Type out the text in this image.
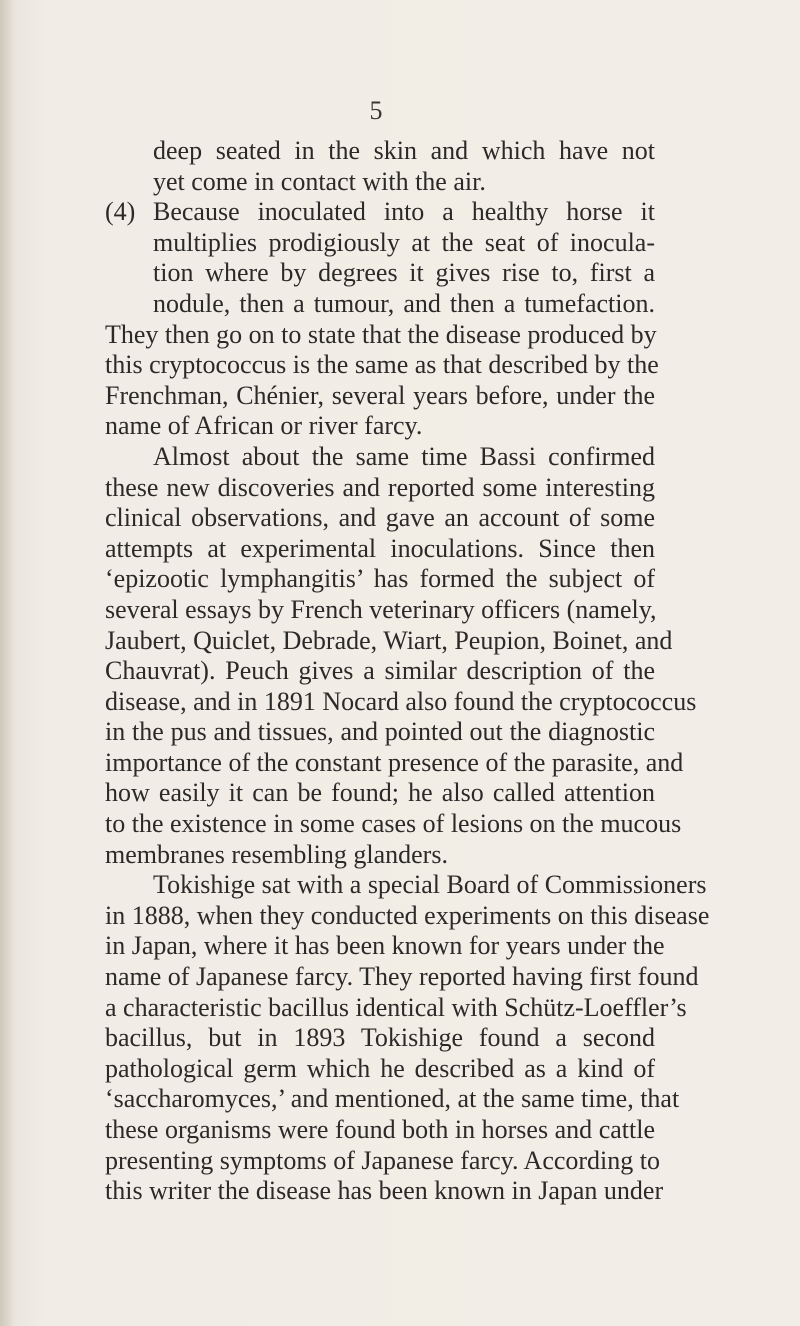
5
deep seated in the skin and which have not
yet come in contact with the air.
(4) Because inoculated into a healthy horse it
multiplies prodigiously at the seat of inocula-
tion where by degrees it gives rise to, first a
nodule, then a tumour, and then a tumefaction.
They then go on to state that the disease produced by
this cryptococcus is the same as that described by the
Frenchman, Chénier, several years before, under the
name of African or river farcy.
Almost about the same time Bassi confirmed
these new discoveries and reported some interesting
clinical observations, and gave an account of some
attempts at experimental inoculations. Since then
‘epizootic lymphangitis’ has formed the subject of
several essays by French veterinary officers (namely,
Jaubert, Quiclet, Debrade, Wiart, Peupion, Boinet, and
Chauvrat). Peuch gives a similar description of the
disease, and in 1891 Nocard also found the cryptococcus
in the pus and tissues, and pointed out the diagnostic
importance of the constant presence of the parasite, and
how easily it can be found; he also called attention
to the existence in some cases of lesions on the mucous
membranes resembling glanders.
Tokishige sat with a special Board of Commissioners
in 1888, when they conducted experiments on this disease
in Japan, where it has been known for years under the
name of Japanese farcy. They reported having first found
a characteristic bacillus identical with Schütz-Loeffler’s
bacillus, but in 1893 Tokishige found a second
pathological germ which he described as a kind of
‘saccharomyces,’ and mentioned, at the same time, that
these organisms were found both in horses and cattle
presenting symptoms of Japanese farcy. According to
this writer the disease has been known in Japan under
